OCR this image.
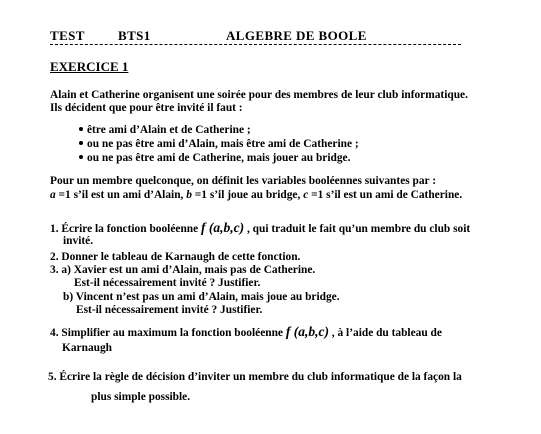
TEST	BTS1	ALGEBRE DE BOOLE
EXERCICE 1
Alain et Catherine organisent une soirée pour des membres de leur club informatique.
Ils décident que pour être invité il faut :
être ami d’Alain et de Catherine ;
ou ne pas être ami d’Alain, mais être ami de Catherine ;
ou ne pas être ami de Catherine, mais jouer au bridge.
Pour un membre quelconque, on définit les variables booléennes suivantes par :
a =1 s’il est un ami d’Alain, b =1 s’il joue au bridge, c =1 s’il est un ami de Catherine.
1. Écrire la fonction booléenne f (a,b,c) , qui traduit le fait qu’un membre du club soit
invité.
2. Donner le tableau de Karnaugh de cette fonction.
3. a) Xavier est un ami d’Alain, mais pas de Catherine.
Est-il nécessairement invité ? Justifier.
b) Vincent n’est pas un ami d’Alain, mais joue au bridge.
Est-il nécessairement invité ? Justifier.
4. Simplifier au maximum la fonction booléenne f (a,b,c) , à l’aide du tableau de
Karnaugh
5. Écrire la règle de décision d’inviter un membre du club informatique de la façon la
plus simple possible.
